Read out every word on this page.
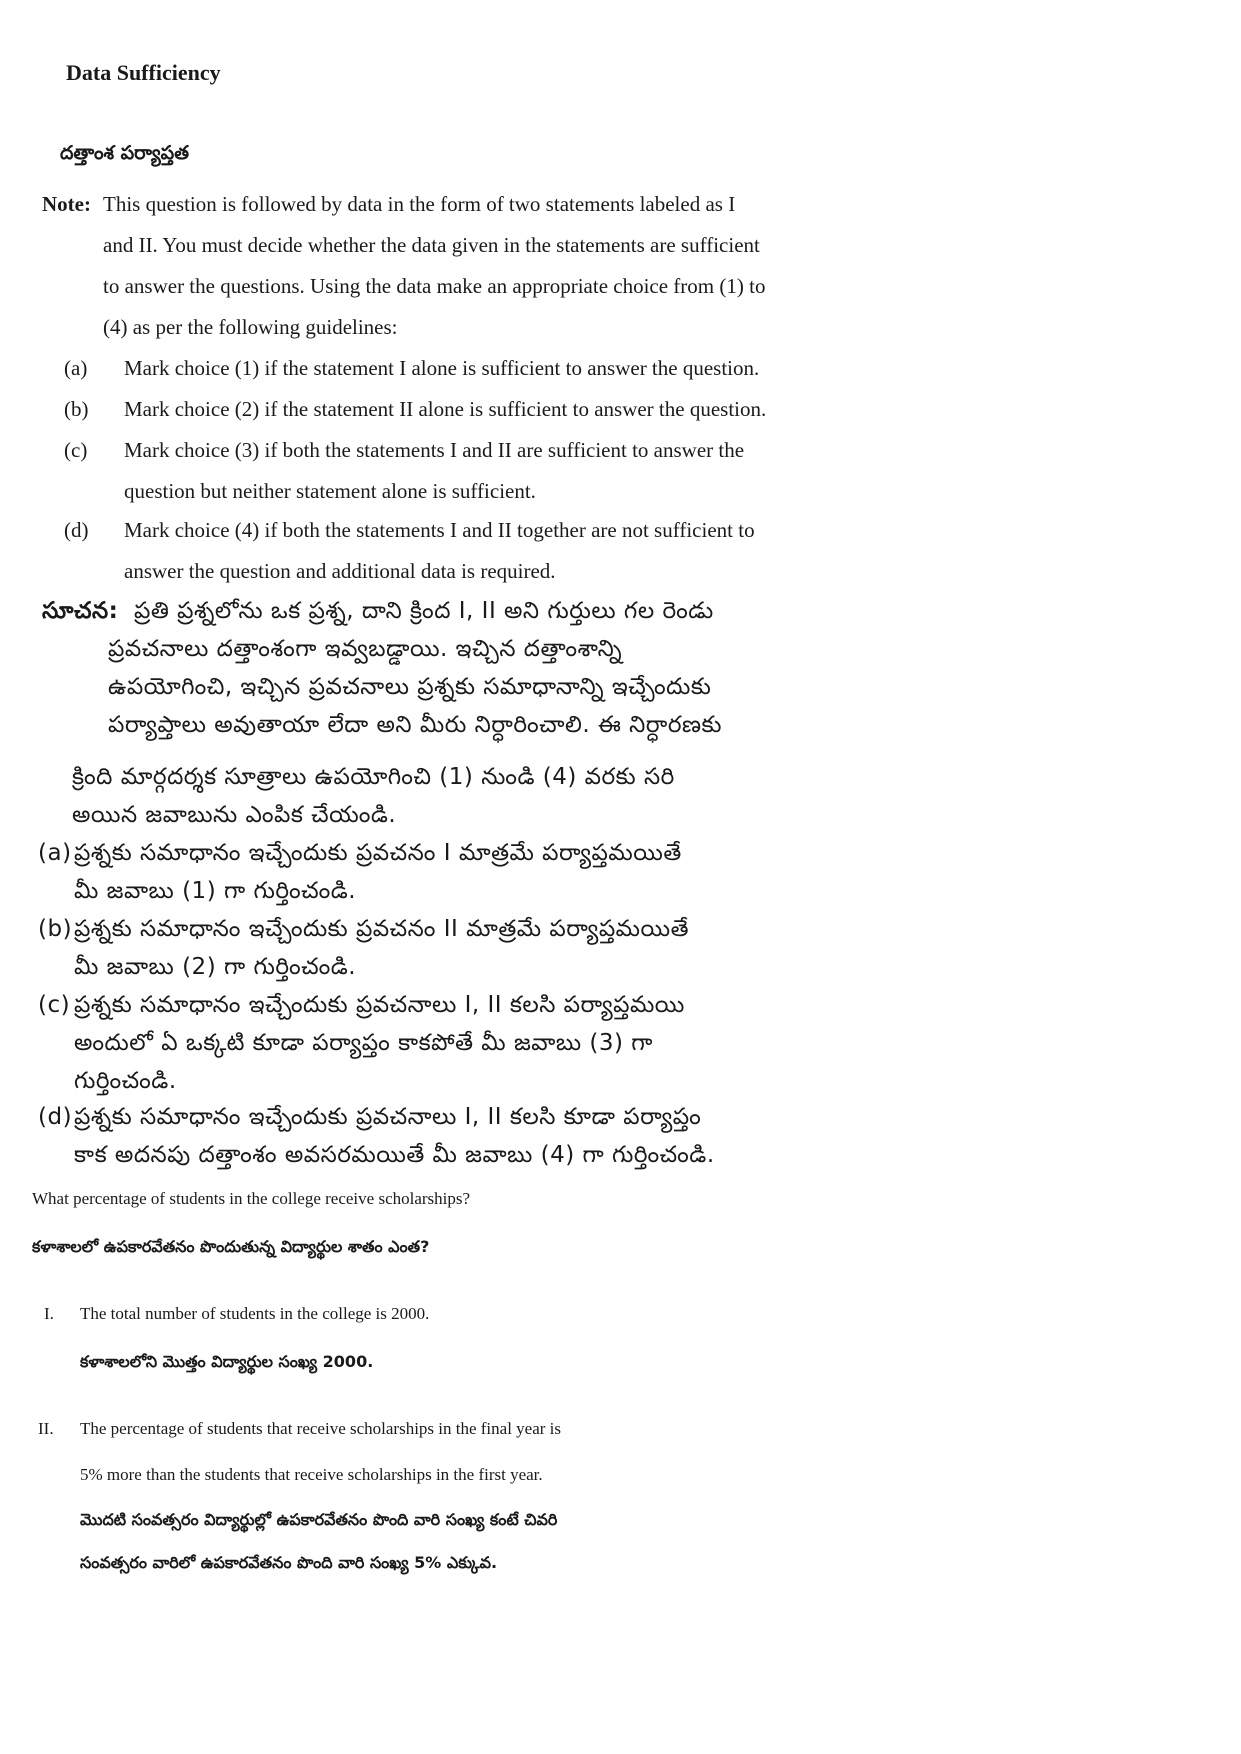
Data Sufficiency
దత్తాంశ పర్యాప్తత
Note: This question is followed by data in the form of two statements labeled as I
and II. You must decide whether the data given in the statements are sufficient
to answer the questions. Using the data make an appropriate choice from (1) to
(4) as per the following guidelines:
(a) Mark choice (1) if the statement I alone is sufficient to answer the question.
(b) Mark choice (2) if the statement II alone is sufficient to answer the question.
(c) Mark choice (3) if both the statements I and II are sufficient to answer the
question but neither statement alone is sufficient.
(d) Mark choice (4) if both the statements I and II together are not sufficient to
answer the question and additional data is required.
సూచన: ప్రతి ప్రశ్నలోను ఒక ప్రశ్న, దాని క్రింద I, II అని గుర్తులు గల రెండు
ప్రవచనాలు దత్తాంశంగా ఇవ్వబడ్డాయి. ఇచ్చిన దత్తాంశాన్ని
ఉపయోగించి, ఇచ్చిన ప్రవచనాలు ప్రశ్నకు సమాధానాన్ని ఇచ్చేందుకు
పర్యాప్తాలు అవుతాయా లేదా అని మీరు నిర్ధారించాలి. ఈ నిర్ధారణకు
క్రింది మార్గదర్శక సూత్రాలు ఉపయోగించి (1) నుండి (4) వరకు సరి
అయిన జవాబును ఎంపిక చేయండి.
(a) ప్రశ్నకు సమాధానం ఇచ్చేందుకు ప్రవచనం I మాత్రమే పర్యాప్తమయితే
మీ జవాబు (1) గా గుర్తించండి.
(b) ప్రశ్నకు సమాధానం ఇచ్చేందుకు ప్రవచనం II మాత్రమే పర్యాప్తమయితే
మీ జవాబు (2) గా గుర్తించండి.
(c) ప్రశ్నకు సమాధానం ఇచ్చేందుకు ప్రవచనాలు I, II కలసి పర్యాప్తమయి
అందులో ఏ ఒక్కటి కూడా పర్యాప్తం కాకపోతే మీ జవాబు (3) గా
గుర్తించండి.
(d) ప్రశ్నకు సమాధానం ఇచ్చేందుకు ప్రవచనాలు I, II కలసి కూడా పర్యాప్తం
కాక అదనపు దత్తాంశం అవసరమయితే మీ జవాబు (4) గా గుర్తించండి.
What percentage of students in the college receive scholarships?
కళాశాలలో ఉపకారవేతనం పొందుతున్న విద్యార్థుల శాతం ఎంత?
I. The total number of students in the college is 2000.
కళాశాలలోని మొత్తం విద్యార్థుల సంఖ్య 2000.
II. The percentage of students that receive scholarships in the final year is
5% more than the students that receive scholarships in the first year.
మొదటి సంవత్సరం విద్యార్థుల్లో ఉపకారవేతనం పొంది వారి సంఖ్య కంటే చివరి
సంవత్సరం వారిలో ఉపకారవేతనం పొంది వారి సంఖ్య 5% ఎక్కువ.
